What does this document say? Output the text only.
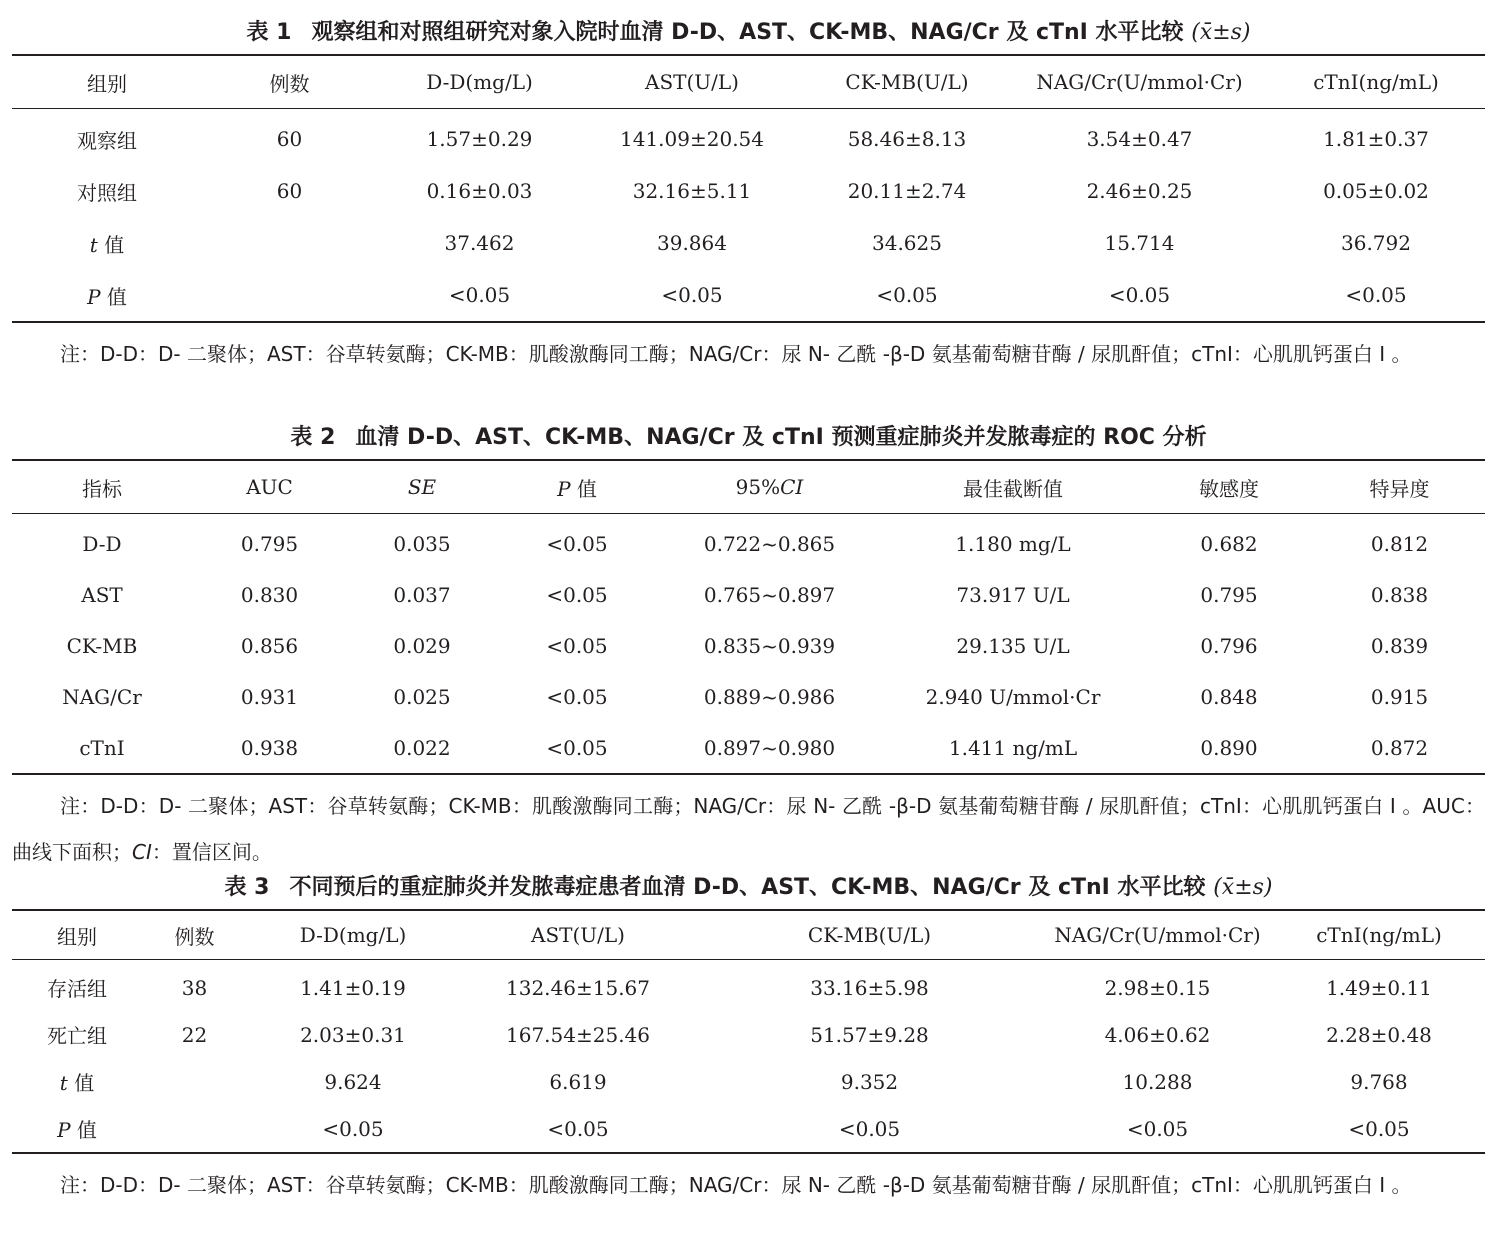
表 1 观察组和对照组研究对象入院时血清 D-D、AST、CK-MB、NAG/Cr 及 cTnI 水平比较 (x̄±s)
组别	例数	D-D(mg/L)	AST(U/L)	CK-MB(U/L)	NAG/Cr(U/mmol·Cr)	cTnI(ng/mL)
观察组	60	1.57±0.29	141.09±20.54	58.46±8.13	3.54±0.47	1.81±0.37
对照组	60	0.16±0.03	32.16±5.11	20.11±2.74	2.46±0.25	0.05±0.02
t 值		37.462	39.864	34.625	15.714	36.792
P 值		<0.05	<0.05	<0.05	<0.05	<0.05
注：D-D：D- 二聚体；AST：谷草转氨酶；CK-MB：肌酸激酶同工酶；NAG/Cr：尿 N- 乙酰 -β-D 氨基葡萄糖苷酶 / 尿肌酐值；cTnI：心肌肌钙蛋白 I 。
表 2 血清 D-D、AST、CK-MB、NAG/Cr 及 cTnI 预测重症肺炎并发脓毒症的 ROC 分析
指标	AUC	SE	P 值	95%CI	最佳截断值	敏感度	特异度
D-D	0.795	0.035	<0.05	0.722~0.865	1.180 mg/L	0.682	0.812
AST	0.830	0.037	<0.05	0.765~0.897	73.917 U/L	0.795	0.838
CK-MB	0.856	0.029	<0.05	0.835~0.939	29.135 U/L	0.796	0.839
NAG/Cr	0.931	0.025	<0.05	0.889~0.986	2.940 U/mmol·Cr	0.848	0.915
cTnI	0.938	0.022	<0.05	0.897~0.980	1.411 ng/mL	0.890	0.872
注：D-D：D- 二聚体；AST：谷草转氨酶；CK-MB：肌酸激酶同工酶；NAG/Cr：尿 N- 乙酰 -β-D 氨基葡萄糖苷酶 / 尿肌酐值；cTnI：心肌肌钙蛋白 I 。AUC：曲线下面积；CI：置信区间。
表 3 不同预后的重症肺炎并发脓毒症患者血清 D-D、AST、CK-MB、NAG/Cr 及 cTnI 水平比较 (x̄±s)
组别	例数	D-D(mg/L)	AST(U/L)	CK-MB(U/L)	NAG/Cr(U/mmol·Cr)	cTnI(ng/mL)
存活组	38	1.41±0.19	132.46±15.67	33.16±5.98	2.98±0.15	1.49±0.11
死亡组	22	2.03±0.31	167.54±25.46	51.57±9.28	4.06±0.62	2.28±0.48
t 值		9.624	6.619	9.352	10.288	9.768
P 值		<0.05	<0.05	<0.05	<0.05	<0.05
注：D-D：D- 二聚体；AST：谷草转氨酶；CK-MB：肌酸激酶同工酶；NAG/Cr：尿 N- 乙酰 -β-D 氨基葡萄糖苷酶 / 尿肌酐值；cTnI：心肌肌钙蛋白 I 。
